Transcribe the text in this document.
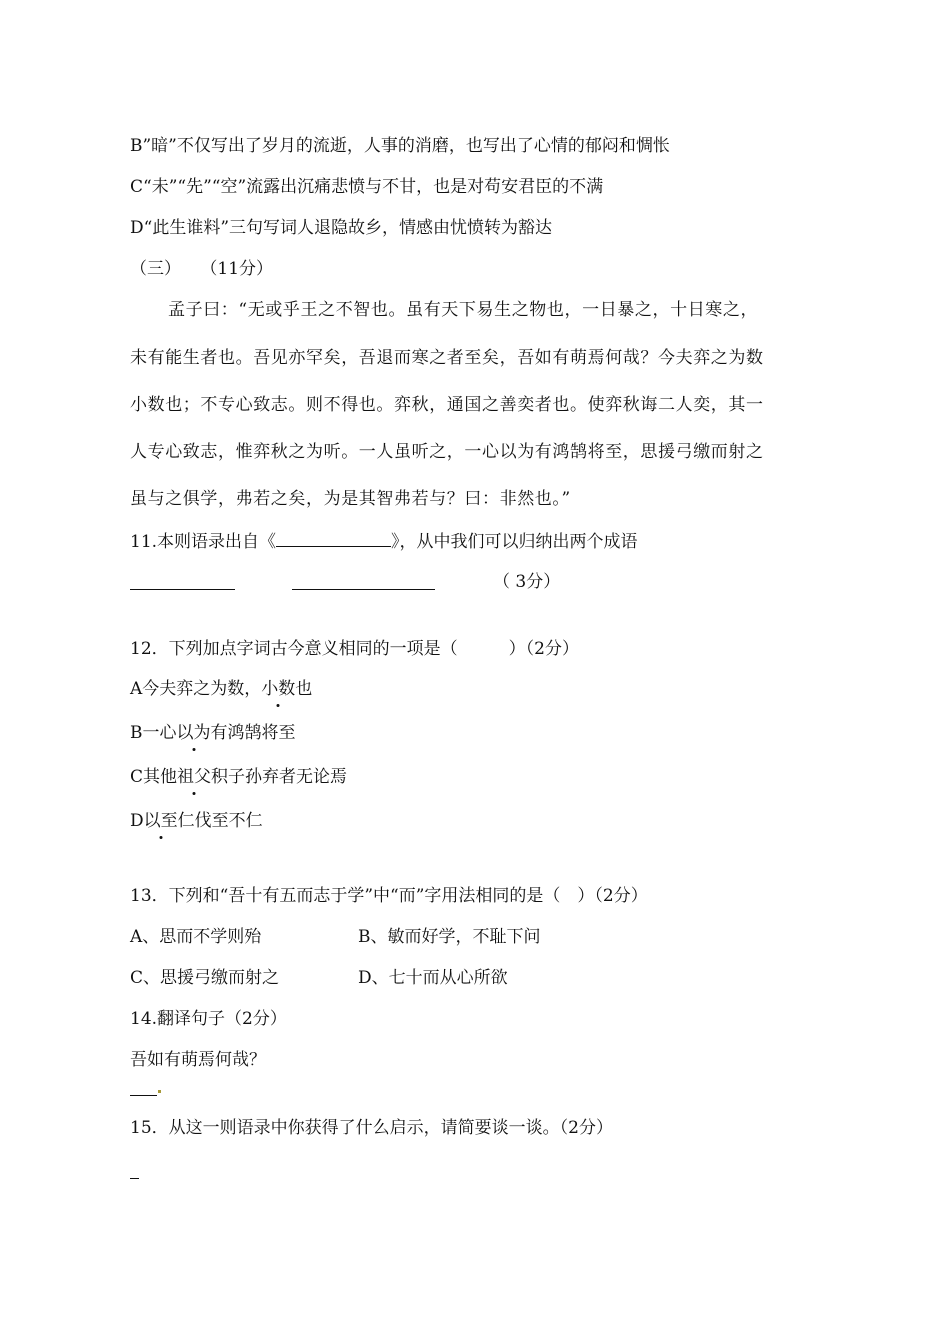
B”暗”不仅写出了岁月的流逝，人事的消磨，也写出了心情的郁闷和惆怅
C“未”“先”“空”流露出沉痛悲愤与不甘，也是对苟安君臣的不满
D“此生谁料”三句写词人退隐故乡，情感由忧愤转为豁达
（三） （11分）
孟子曰：“无或乎王之不智也。虽有天下易生之物也，一日暴之，十日寒之，
未有能生者也。吾见亦罕矣，吾退而寒之者至矣，吾如有萌焉何哉？今夫弈之为数
小数也；不专心致志。则不得也。弈秋，通国之善奕者也。使弈秋诲二人奕，其一
人专心致志，惟弈秋之为听。一人虽听之，一心以为有鸿鹄将至，思援弓缴而射之
虽与之俱学，弗若之矣，为是其智弗若与？曰：非然也。”
11.本则语录出自《	》，从中我们可以归纳出两个成语
（ 3分）
12．下列加点字词古今意义相同的一项是（　　　）（2分）
A今夫弈之为数，小数也
B一心以为有鸿鹄将至
C其他祖父积子孙弃者无论焉
D以至仁伐至不仁
13．下列和“吾十有五而志于学”中“而”字用法相同的是（　）（2分）
A、思而不学则殆	B、敏而好学，不耻下问
C、思援弓缴而射之	D、七十而从心所欲
14.翻译句子（2分）
吾如有萌焉何哉？
15．从这一则语录中你获得了什么启示，请简要谈一谈。（2分）
